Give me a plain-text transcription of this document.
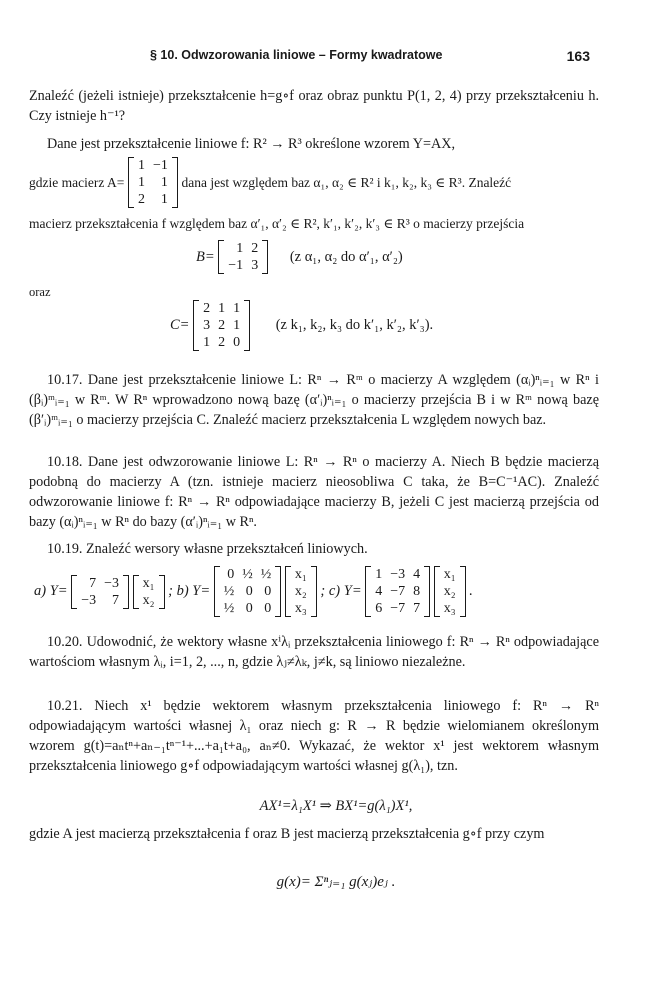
§ 10. Odwzorowania liniowe – Formy kwadratowe	163

Znaleźć (jeżeli istnieje) przekształcenie h=g∘f oraz obraz punktu P(1, 2, 4) przy przekształceniu h. Czy istnieje h⁻¹?

Dane jest przekształcenie liniowe f: R² → R³ określone wzorem Y=AX,

gdzie macierz A=
1	−1
1	1
2	1
dana jest względem baz α₁, α₂ ∈ R² i k₁, k₂, k₃ ∈ R³. Znaleźć

macierz przekształcenia f względem baz α′₁, α′₂ ∈ R², k′₁, k′₂, k′₃ ∈ R³ o macierzy przejścia

B= 1	2
−1	3
(z α₁, α₂ do α′₁, α′₂)

oraz

C=
2	1	1
3	2	1
1	2	0
(z k₁, k₂, k₃ do k′₁, k′₂, k′₃).

10.17. Dane jest przekształcenie liniowe L: Rⁿ → Rᵐ o macierzy A względem (αᵢ)ⁿᵢ₌₁ w Rⁿ i (βᵢ)ᵐᵢ₌₁ w Rᵐ. W Rⁿ wprowadzono nową bazę (α′ᵢ)ⁿᵢ₌₁ o macierzy przejścia B i w Rᵐ nową bazę (β′ᵢ)ᵐᵢ₌₁ o macierzy przejścia C. Znaleźć macierz przekształcenia L względem nowych baz.

10.18. Dane jest odwzorowanie liniowe L: Rⁿ → Rⁿ o macierzy A. Niech B będzie macierzą podobną do macierzy A (tzn. istnieje macierz nieosobliwa C taka, że B=C⁻¹AC). Znaleźć odwzorowanie liniowe f: Rⁿ → Rⁿ odpowiadające macierzy B, jeżeli C jest macierzą przejścia od bazy (αᵢ)ⁿᵢ₌₁ w Rⁿ do bazy (α′ᵢ)ⁿᵢ₌₁ w Rⁿ.

10.19. Znaleźć wersory własne przekształceń liniowych.

a) Y= 7	−3
−3	7

x₁
x₂
; b) Y=
0	½	½
½	0	0
½	0	0

x₁
x₂
x₃
; c) Y=
1	−3	4
4	−7	8
6	−7	7

x₁
x₂
x₃
.

10.20. Udowodnić, że wektory własne xⁱλᵢ przekształcenia liniowego f: Rⁿ → Rⁿ odpowiadające wartościom własnym λᵢ, i=1, 2, ..., n, gdzie λⱼ≠λₖ, j≠k, są liniowo niezależne.

10.21. Niech x¹ będzie wektorem własnym przekształcenia liniowego f: Rⁿ → Rⁿ odpowiadającym wartości własnej λ₁ oraz niech g: R → R będzie wielomianem określonym wzorem g(t)=aₙtⁿ+aₙ₋₁tⁿ⁻¹+...+a₁t+a₀, aₙ≠0. Wykazać, że wektor x¹ jest wektorem własnym przekształcenia liniowego g∘f odpowiadającym wartości własnej g(λ₁), tzn.

AX¹=λ₁X¹ ⇒ BX¹=g(λ₁)X¹,

gdzie A jest macierzą przekształcenia f oraz B jest macierzą przekształcenia g∘f przy czym

g(x)= Σⁿⱼ₌₁ g(xⱼ)eⱼ .
